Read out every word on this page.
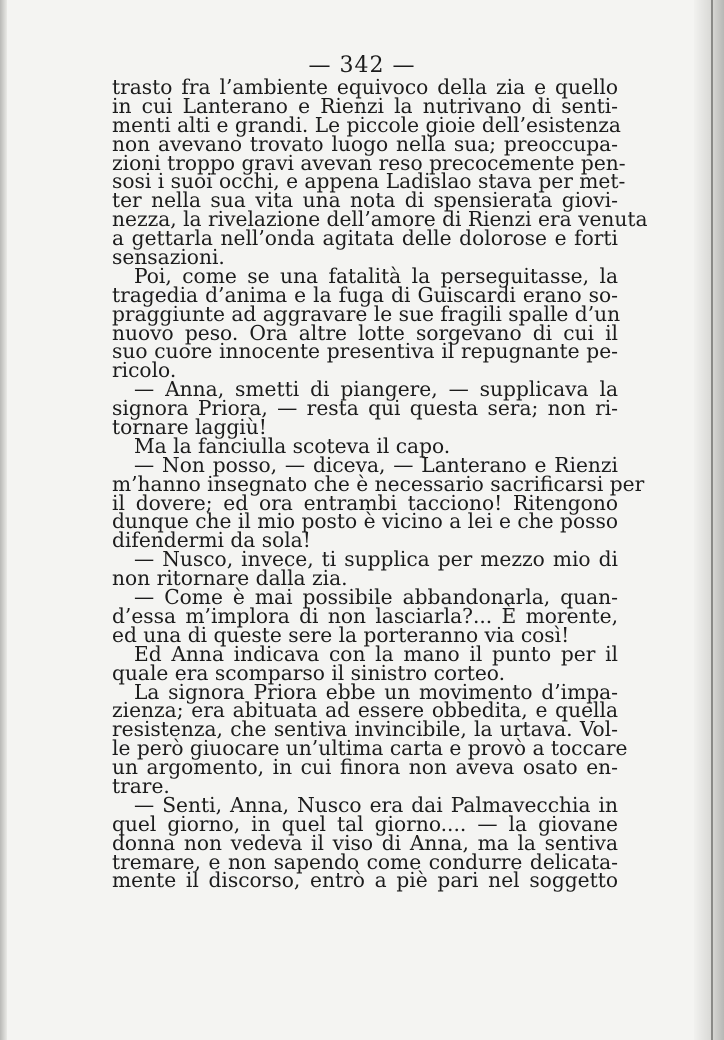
— 342 —
trasto fra l’ambiente equivoco della zia e quello
in cui Lanterano e Rienzi la nutrivano di senti-
menti alti e grandi. Le piccole gioie dell’esistenza
non avevano trovato luogo nella sua; preoccupa-
zioni troppo gravi avevan reso precocemente pen-
sosi i suoi occhi, e appena Ladislao stava per met-
ter nella sua vita una nota di spensierata giovi-
nezza, la rivelazione dell’amore di Rienzi era venuta
a gettarla nell’onda agitata delle dolorose e forti
sensazioni.
Poi, come se una fatalità la perseguitasse, la
tragedia d’anima e la fuga di Guiscardi erano so-
praggiunte ad aggravare le sue fragili spalle d’un
nuovo peso. Ora altre lotte sorgevano di cui il
suo cuore innocente presentiva il repugnante pe-
ricolo.
— Anna, smetti di piangere, — supplicava la
signora Priora, — resta qui questa sera; non ri-
tornare laggiù!
Ma la fanciulla scoteva il capo.
— Non posso, — diceva, — Lanterano e Rienzi
m’hanno insegnato che è necessario sacrificarsi per
il dovere; ed ora entrambi tacciono! Ritengono
dunque che il mio posto è vicino a lei e che posso
difendermi da sola!
— Nusco, invece, ti supplica per mezzo mio di
non ritornare dalla zia.
— Come è mai possibile abbandonarla, quan-
d’essa m’implora di non lasciarla?... È morente,
ed una di queste sere la porteranno via così!
Ed Anna indicava con la mano il punto per il
quale era scomparso il sinistro corteo.
La signora Priora ebbe un movimento d’impa-
zienza; era abituata ad essere obbedita, e quella
resistenza, che sentiva invincibile, la urtava. Vol-
le però giuocare un’ultima carta e provò a toccare
un argomento, in cui finora non aveva osato en-
trare.
— Senti, Anna, Nusco era dai Palmavecchia in
quel giorno, in quel tal giorno.... — la giovane
donna non vedeva il viso di Anna, ma la sentiva
tremare, e non sapendo come condurre delicata-
mente il discorso, entrò a piè pari nel soggetto
